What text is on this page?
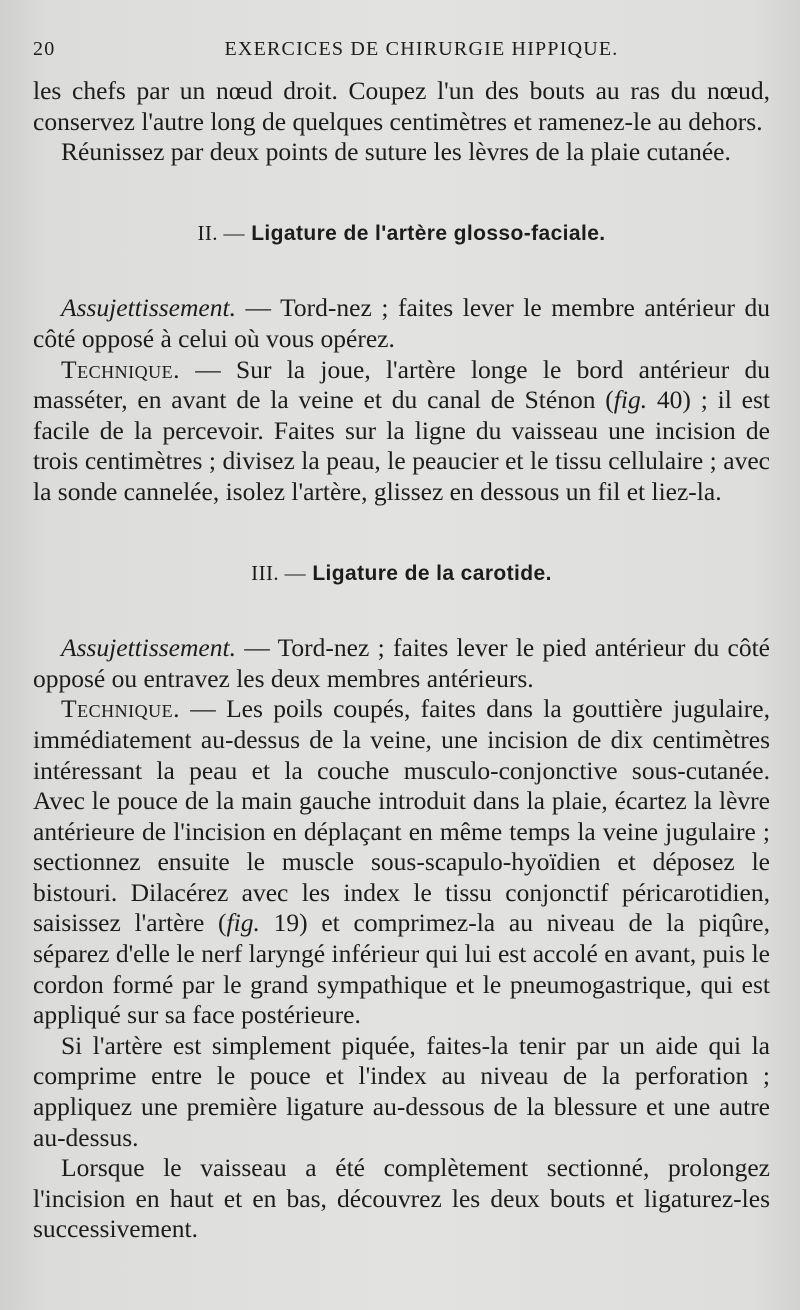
20	EXERCICES DE CHIRURGIE HIPPIQUE.

les chefs par un nœud droit. Coupez l'un des bouts au ras du nœud, conservez l'autre long de quelques centimètres et ramenez-le au dehors.

Réunissez par deux points de suture les lèvres de la plaie cutanée.

II. — Ligature de l'artère glosso-faciale.

Assujettissement. — Tord-nez ; faites lever le membre antérieur du côté opposé à celui où vous opérez.

Technique. — Sur la joue, l'artère longe le bord antérieur du masséter, en avant de la veine et du canal de Sténon (fig. 40) ; il est facile de la percevoir. Faites sur la ligne du vaisseau une incision de trois centimètres ; divisez la peau, le peaucier et le tissu cellulaire ; avec la sonde cannelée, isolez l'artère, glissez en dessous un fil et liez-la.

III. — Ligature de la carotide.

Assujettissement. — Tord-nez ; faites lever le pied antérieur du côté opposé ou entravez les deux membres antérieurs.

Technique. — Les poils coupés, faites dans la gouttière jugulaire, immédiatement au-dessus de la veine, une incision de dix centimètres intéressant la peau et la couche musculo-conjonctive sous-cutanée. Avec le pouce de la main gauche introduit dans la plaie, écartez la lèvre antérieure de l'incision en déplaçant en même temps la veine jugulaire ; sectionnez ensuite le muscle sous-scapulo-hyoïdien et déposez le bistouri. Dilacérez avec les index le tissu conjonctif péricarotidien, saisissez l'artère (fig. 19) et comprimez-la au niveau de la piqûre, séparez d'elle le nerf laryngé inférieur qui lui est accolé en avant, puis le cordon formé par le grand sympathique et le pneumogastrique, qui est appliqué sur sa face postérieure.

Si l'artère est simplement piquée, faites-la tenir par un aide qui la comprime entre le pouce et l'index au niveau de la perforation ; appliquez une première ligature au-dessous de la blessure et une autre au-dessus.

Lorsque le vaisseau a été complètement sectionné, prolongez l'incision en haut et en bas, découvrez les deux bouts et ligaturez-les successivement.
